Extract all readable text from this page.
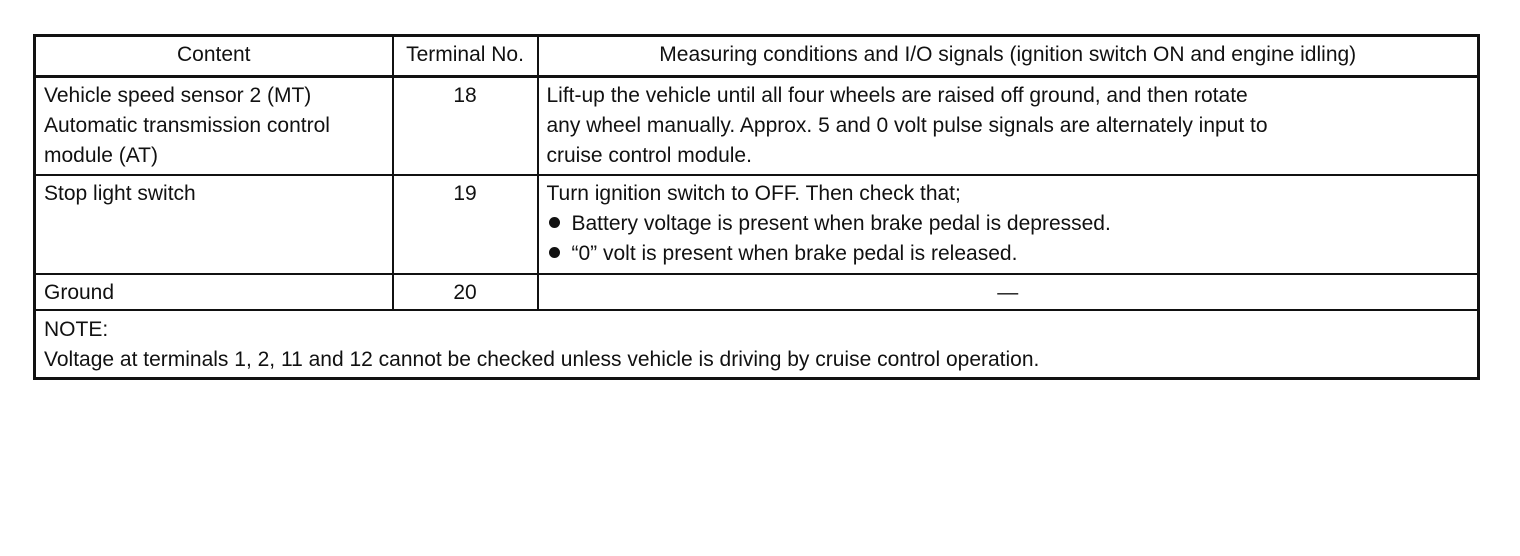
Content	Terminal No.	Measuring conditions and I/O signals (ignition switch ON and engine idling)

Vehicle speed sensor 2 (MT)
Automatic transmission control
module (AT)	18	Lift-up the vehicle until all four wheels are raised off ground, and then rotate
any wheel manually. Approx. 5 and 0 volt pulse signals are alternately input to
cruise control module.

Stop light switch	19	Turn ignition switch to OFF. Then check that;
Battery voltage is present when brake pedal is depressed.
“0” volt is present when brake pedal is released.

Ground	20	—

NOTE:
Voltage at terminals 1, 2, 11 and 12 cannot be checked unless vehicle is driving by cruise control operation.		
